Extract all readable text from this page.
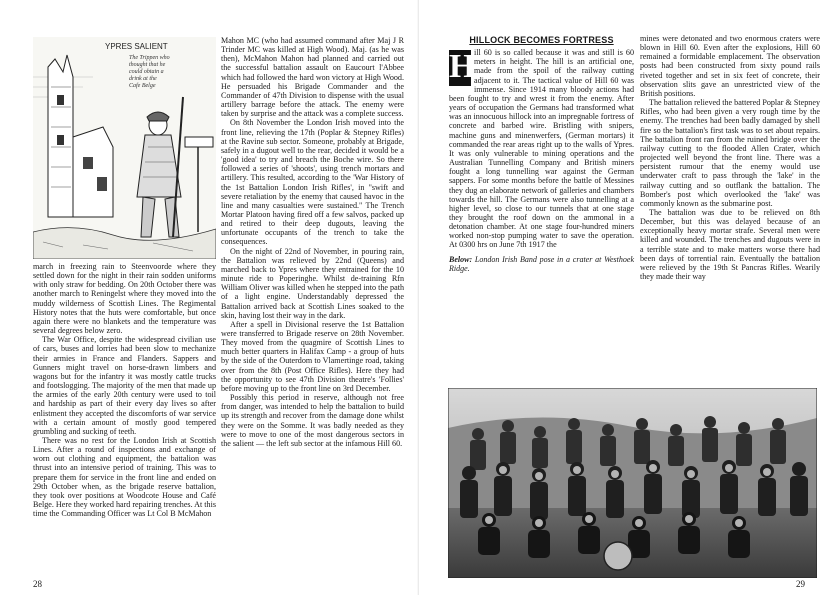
YPRES SALIENT
The Trippen who thought that he could obtain a drink at the Cafe Belge

march in freezing rain to Steenvoorde where they settled down for the night in their rain sodden uniforms with only straw for bedding. On 20th October there was another march to Reningelst where they moved into the muddy wilderness of Scottish Lines. The Regimental History notes that the huts were comfortable, but once again there were no blankets and the temperature was several degrees below zero.

The War Office, despite the widespread civilian use of cars, buses and lorries had been slow to mechanize their armies in France and Flanders. Sappers and Gunners might travel on horse-drawn limbers and wagons but for the infantry it was mostly cattle trucks and footslogging. The majority of the men that made up the armies of the early 20th century were used to toil and hardship as part of their every day lives so after enlistment they accepted the discomforts of war service with a certain amount of mostly good tempered grumbling and sucking of teeth.

There was no rest for the London Irish at Scottish Lines. After a round of inspections and exchange of worn out clothing and equipment, the battalion was thrust into an intensive period of training. This was to prepare them for service in the front line and ended on 29th October when, as the brigade reserve battalion, they took over positions at Woodcote House and Café Belge. Here they worked hard repairing trenches. At this time the Commanding Officer was Lt Col B McMahon

Mahon MC (who had assumed command after Maj J R Trinder MC was killed at High Wood). Maj. (as he was then), McMahon Mahon had planned and carried out the successful battalion assault on Eaucourt l'Abbee which had followed the hard won victory at High Wood. He persuaded his Brigade Commander and the Commander of 47th Division to dispense with the usual artillery barrage before the attack. The enemy were taken by surprise and the attack was a complete success.

On 8th November the London Irish moved into the front line, relieving the 17th (Poplar & Stepney Rifles) at the Ravine sub sector. Someone, probably at Brigade, safely in a dugout well to the rear, decided it would be a 'good idea' to try and breach the Boche wire. So there followed a series of 'shoots', using trench mortars and artillery. This resulted, according to the 'War History of the 1st Battalion London Irish Rifles', in "swift and severe retaliation by the enemy that caused havoc in the line and many casualties were sustained." The Trench Mortar Platoon having fired off a few salvos, packed up and retired to their deep dugouts, leaving the unfortunate occupants of the trench to take the consequences.

On the night of 22nd of November, in pouring rain, the Battalion was relieved by 22nd (Queens) and marched back to Ypres where they entrained for the 10 minute ride to Poperinghe. Whilst de-training Rfn William Oliver was killed when he stepped into the path of a light engine. Understandably depressed the Battalion arrived back at Scottish Lines soaked to the skin, having lost their way in the dark.

After a spell in Divisional reserve the 1st Battalion were transferred to Brigade reserve on 28th November. They moved from the quagmire of Scottish Lines to much better quarters in Halifax Camp - a group of huts by the side of the Outerdom to Vlamertinge road, taking over from the 8th (Post Office Rifles). Here they had the opportunity to see 47th Division theatre's 'Follies' before moving up to the front line on 3rd December.

Possibly this period in reserve, although not free from danger, was intended to help the battalion to build up its strength and recover from the damage done whilst they were on the Somme. It was badly needed as they were to move to one of the most dangerous sectors in the salient — the left sub sector at the infamous Hill 60.

28
HILLOCK BECOMES FORTRESS

H
ill 60 is so called because it was and still is 60 meters in height. The hill is an artificial one, made from the spoil of the railway cutting adjacent to it. The tactical value of Hill 60 was immense. Since 1914 many bloody actions had been fought to try and wrest it from the enemy. After years of occupation the Germans had transformed what was an innocuous hillock into an impregnable fortress of concrete and barbed wire. Bristling with snipers, machine guns and minenwerfers, (German mortars) it commanded the rear areas right up to the walls of Ypres. It was only vulnerable to mining operations and the Australian Tunnelling Company and British miners fought a long tunnelling war against the German sappers. For some months before the battle of Messines they dug an elaborate network of galleries and chambers towards the hill. The Germans were also tunnelling at a higher level, so close to our tunnels that at one stage they brought the roof down on the ammonal in a detonation chamber. At one stage four-hundred miners worked non-stop pumping water to save the operation. At 0300 hrs on June 7th 1917 the

Below: London Irish Band pose in a crater at Westhoek Ridge.

mines were detonated and two enormous craters were blown in Hill 60. Even after the explosions, Hill 60 remained a formidable emplacement. The observation posts had been constructed from sixty pound rails riveted together and set in six feet of concrete, their observation slits gave an unrestricted view of the British positions.

The battalion relieved the battered Poplar & Stepney Rifles, who had been given a very rough time by the enemy. The trenches had been badly damaged by shell fire so the battalion's first task was to set about repairs. The battalion front ran from the ruined bridge over the railway cutting to the flooded Allen Crater, which projected well beyond the front line. There was a persistent rumour that the enemy would use underwater craft to pass through the 'lake' in the railway cutting and so outflank the battalion. The Bomber's post which overlooked the 'lake' was commonly known as the submarine post.

The battalion was due to be relieved on 8th December, but this was delayed because of an exceptionally heavy mortar strafe. Several men were killed and wounded. The trenches and dugouts were in a terrible state and to make matters worse there had been days of torrential rain. Eventually the battalion were relieved by the 19th St Pancras Rifles. Wearily they made their way

29
